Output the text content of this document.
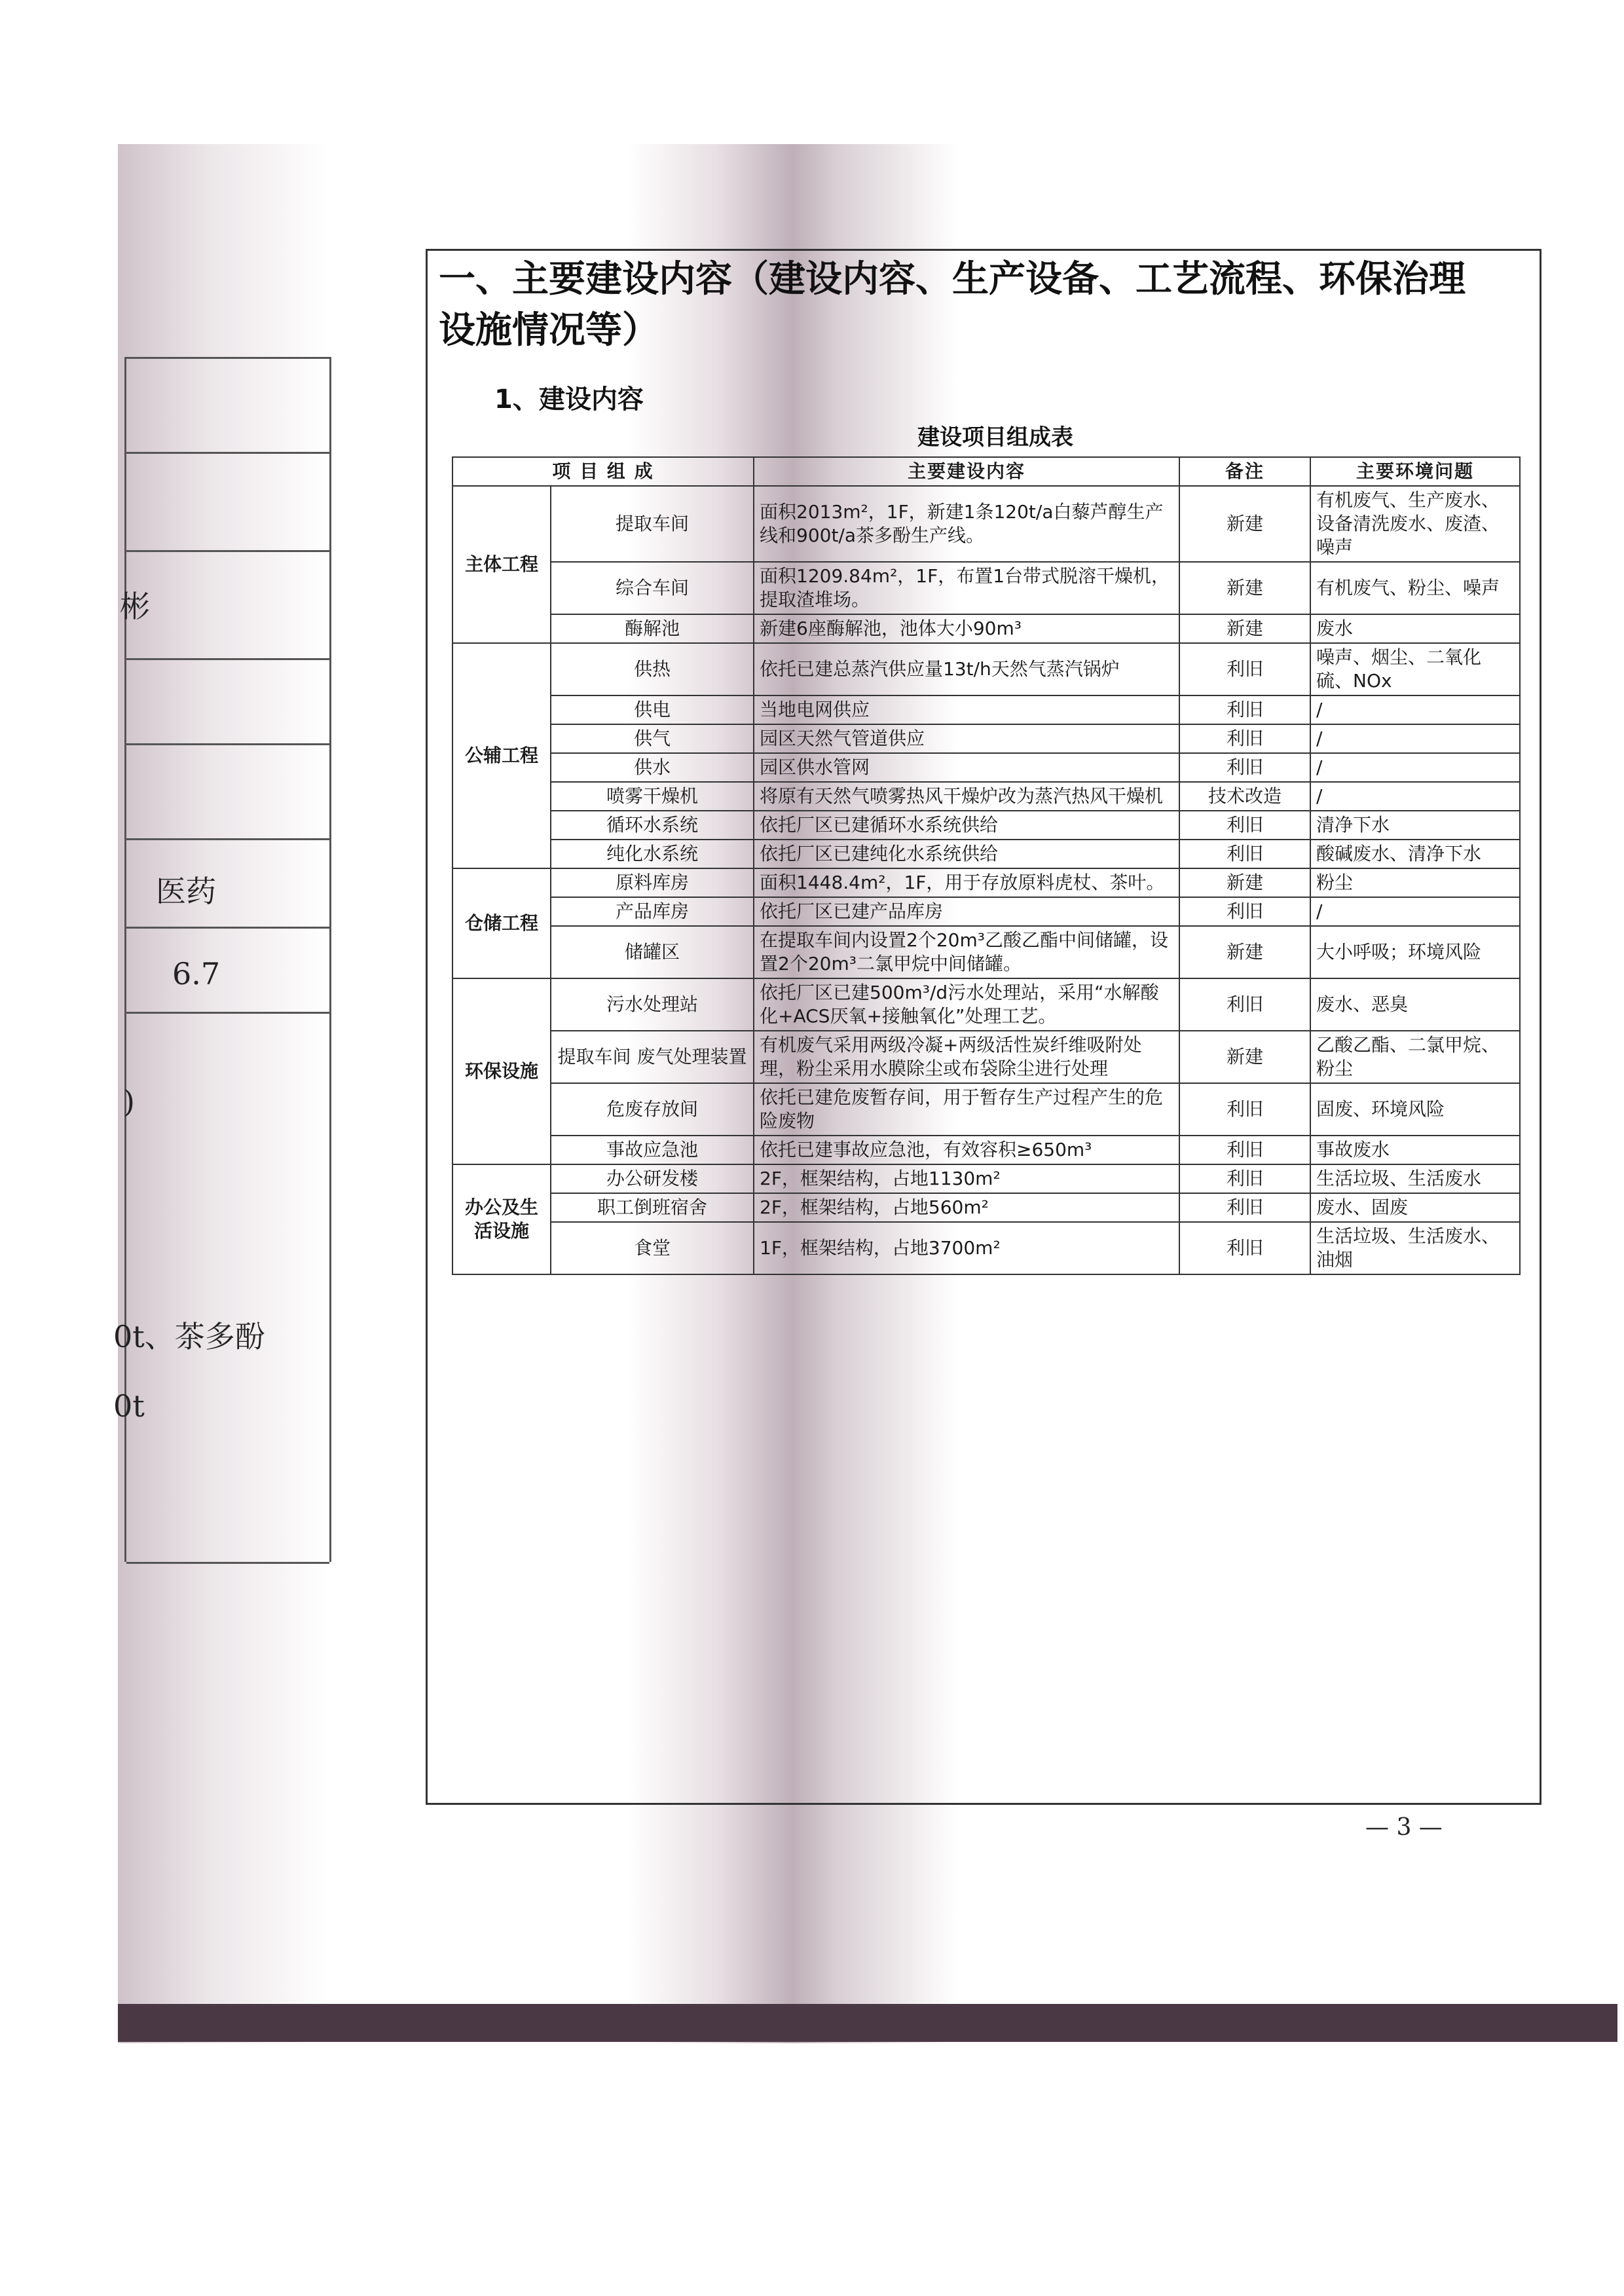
彬
医药
6.7
)
0t、茶多酚
0t
一、主要建设内容（建设内容、生产设备、工艺流程、环保治理
设施情况等）
1、建设内容
建设项目组成表
项 目 组 成		主要建设内容	备注	主要环境问题
主体工程	提取车间	面积2013m²，1F，新建1条120t/a白藜芦醇生产线和900t/a茶多酚生产线。	新建	有机废气、生产废水、设备清洗废水、废渣、噪声
	综合车间	面积1209.84m²，1F，布置1台带式脱溶干燥机，提取渣堆场。	新建	有机废气、粉尘、噪声
	酶解池	新建6座酶解池，池体大小90m³	新建	废水
公辅工程	供热	依托已建总蒸汽供应量13t/h天然气蒸汽锅炉	利旧	噪声、烟尘、二氧化硫、NOx
	供电	当地电网供应	利旧	/
	供气	园区天然气管道供应	利旧	/
	供水	园区供水管网	利旧	/
	喷雾干燥机	将原有天然气喷雾热风干燥炉改为蒸汽热风干燥机	技术改造	/
	循环水系统	依托厂区已建循环水系统供给	利旧	清净下水
	纯化水系统	依托厂区已建纯化水系统供给	利旧	酸碱废水、清净下水
仓储工程	原料库房	面积1448.4m²，1F，用于存放原料虎杖、茶叶。	新建	粉尘
	产品库房	依托厂区已建产品库房	利旧	/
	储罐区	在提取车间内设置2个20m³乙酸乙酯中间储罐，设置2个20m³二氯甲烷中间储罐。	新建	大小呼吸；环境风险
环保设施	污水处理站	依托厂区已建500m³/d污水处理站，采用“水解酸化+ACS厌氧+接触氧化”处理工艺。	利旧	废水、恶臭
	提取车间 废气处理装置	有机废气采用两级冷凝+两级活性炭纤维吸附处理，粉尘采用水膜除尘或布袋除尘进行处理	新建	乙酸乙酯、二氯甲烷、粉尘
	危废存放间	依托已建危废暂存间，用于暂存生产过程产生的危险废物	利旧	固废、环境风险
	事故应急池	依托已建事故应急池，有效容积≥650m³	利旧	事故废水
办公及生活设施	办公研发楼	2F，框架结构，占地1130m²	利旧	生活垃圾、生活废水
	职工倒班宿舍	2F，框架结构，占地560m²	利旧	废水、固废
	食堂	1F，框架结构，占地3700m²	利旧	生活垃圾、生活废水、油烟
— 3 —
